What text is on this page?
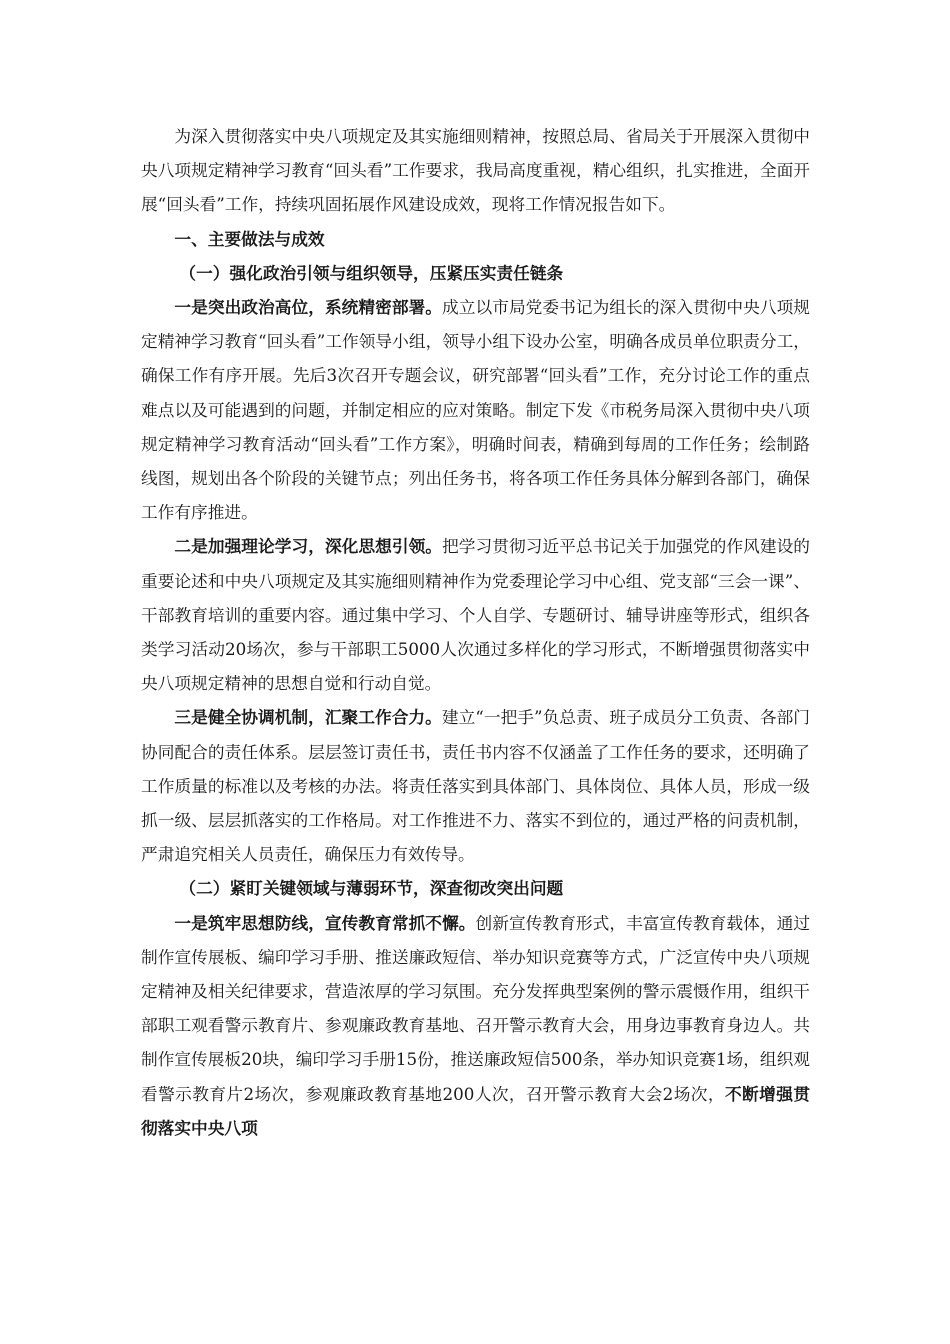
为深入贯彻落实中央八项规定及其实施细则精神，按照总局、省局关于开展深入贯彻中央八项规定精神学习教育“回头看”工作要求，我局高度重视，精心组织，扎实推进，全面开展“回头看”工作，持续巩固拓展作风建设成效，现将工作情况报告如下。

一、主要做法与成效

（一）强化政治引领与组织领导，压紧压实责任链条

一是突出政治高位，系统精密部署。成立以市局党委书记为组长的深入贯彻中央八项规定精神学习教育“回头看”工作领导小组，领导小组下设办公室，明确各成员单位职责分工，确保工作有序开展。先后3次召开专题会议，研究部署“回头看”工作，充分讨论工作的重点难点以及可能遇到的问题，并制定相应的应对策略。制定下发《市税务局深入贯彻中央八项规定精神学习教育活动“回头看”工作方案》，明确时间表，精确到每周的工作任务；绘制路线图，规划出各个阶段的关键节点；列出任务书，将各项工作任务具体分解到各部门，确保工作有序推进。

二是加强理论学习，深化思想引领。把学习贯彻习近平总书记关于加强党的作风建设的重要论述和中央八项规定及其实施细则精神作为党委理论学习中心组、党支部“三会一课”、干部教育培训的重要内容。通过集中学习、个人自学、专题研讨、辅导讲座等形式，组织各类学习活动20场次，参与干部职工5000人次通过多样化的学习形式，不断增强贯彻落实中央八项规定精神的思想自觉和行动自觉。

三是健全协调机制，汇聚工作合力。建立“一把手”负总责、班子成员分工负责、各部门协同配合的责任体系。层层签订责任书，责任书内容不仅涵盖了工作任务的要求，还明确了工作质量的标准以及考核的办法。将责任落实到具体部门、具体岗位、具体人员，形成一级抓一级、层层抓落实的工作格局。对工作推进不力、落实不到位的，通过严格的问责机制，严肃追究相关人员责任，确保压力有效传导。

（二）紧盯关键领域与薄弱环节，深查彻改突出问题

一是筑牢思想防线，宣传教育常抓不懈。创新宣传教育形式，丰富宣传教育载体，通过制作宣传展板、编印学习手册、推送廉政短信、举办知识竞赛等方式，广泛宣传中央八项规定精神及相关纪律要求，营造浓厚的学习氛围。充分发挥典型案例的警示震慑作用，组织干部职工观看警示教育片、参观廉政教育基地、召开警示教育大会，用身边事教育身边人。共制作宣传展板20块，编印学习手册15份，推送廉政短信500条，举办知识竞赛1场，组织观看警示教育片2场次，参观廉政教育基地200人次，召开警示教育大会2场次，不断增强贯彻落实中央八项
